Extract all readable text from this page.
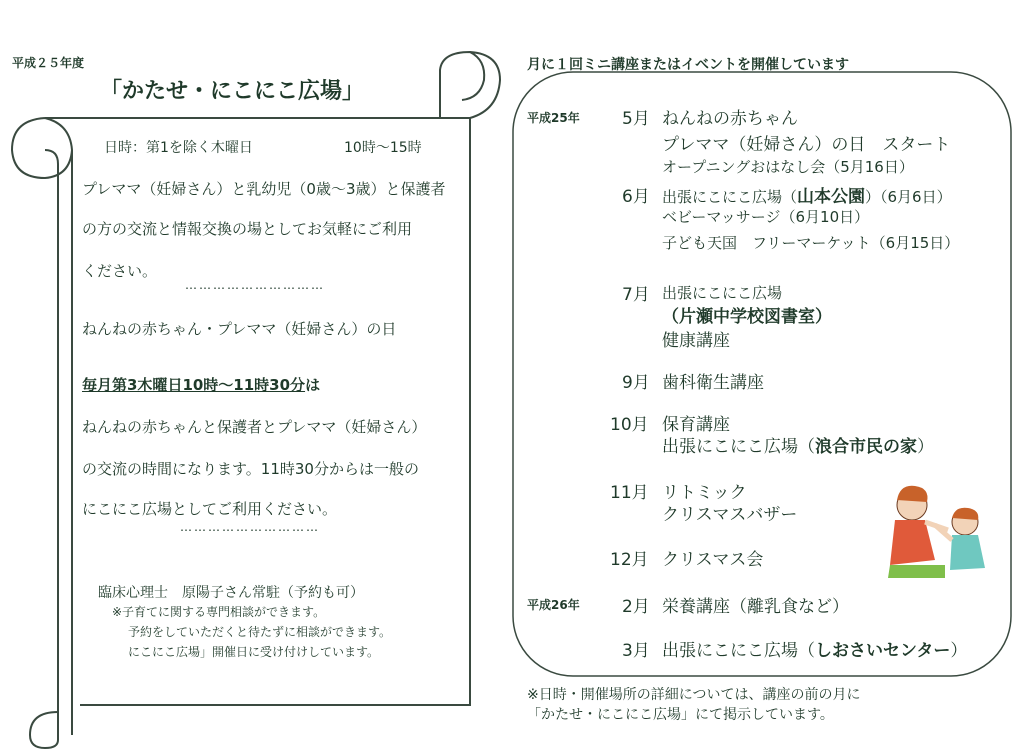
平成２５年度
「かたせ・にこにこ広場」
日時：第1を除く木曜日	10時～15時
プレママ（妊婦さん）と乳幼児（0歳～3歳）と保護者
の方の交流と情報交換の場としてお気軽にご利用
ください。
…………………………
ねんねの赤ちゃん・プレママ（妊婦さん）の日
毎月第3木曜日10時～11時30分は
ねんねの赤ちゃんと保護者とプレママ（妊婦さん）
の交流の時間になります。11時30分からは一般の
にこにこ広場としてご利用ください。
…………………………
臨床心理士　原陽子さん常駐（予約も可）
※子育てに関する専門相談ができます。
予約をしていただくと待たずに相談ができます。
にこにこ広場」開催日に受け付けしています。
月に１回ミニ講座またはイベントを開催しています
平成25年 5月 ねんねの赤ちゃん
プレママ（妊婦さん）の日　スタート
オープニングおはなし会（5月16日）
6月 出張にこにこ広場（山本公園）（6月6日）
ベビーマッサージ（6月10日）
子ども天国　フリーマーケット（6月15日）
7月 出張にこにこ広場
（片瀬中学校図書室）
健康講座
9月 歯科衛生講座
10月 保育講座
出張にこにこ広場（浪合市民の家）
11月 リトミック
クリスマスバザー
12月 クリスマス会
平成26年 2月 栄養講座（離乳食など）
3月 出張にこにこ広場（しおさいセンター）
※日時・開催場所の詳細については、講座の前の月に
「かたせ・にこにこ広場」にて掲示しています。
